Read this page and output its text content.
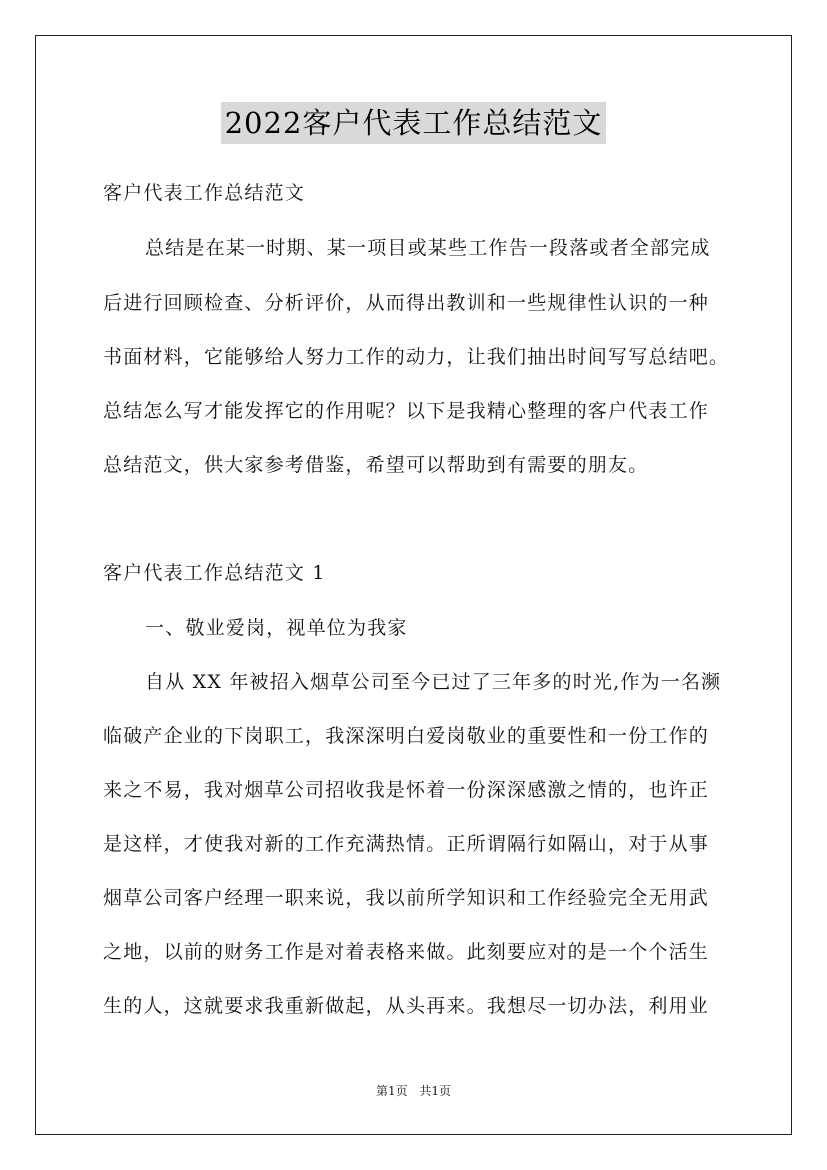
2022客户代表工作总结范文
客户代表工作总结范文
总结是在某一时期、某一项目或某些工作告一段落或者全部完成
后进行回顾检查、分析评价，从而得出教训和一些规律性认识的一种
书面材料，它能够给人努力工作的动力，让我们抽出时间写写总结吧。
总结怎么写才能发挥它的作用呢？以下是我精心整理的客户代表工作
总结范文，供大家参考借鉴，希望可以帮助到有需要的朋友。
客户代表工作总结范文 1
一、敬业爱岗，视单位为我家
自从 XX 年被招入烟草公司至今已过了三年多的时光,作为一名濒
临破产企业的下岗职工，我深深明白爱岗敬业的重要性和一份工作的
来之不易，我对烟草公司招收我是怀着一份深深感激之情的，也许正
是这样，才使我对新的工作充满热情。正所谓隔行如隔山，对于从事
烟草公司客户经理一职来说，我以前所学知识和工作经验完全无用武
之地，以前的财务工作是对着表格来做。此刻要应对的是一个个活生
生的人，这就要求我重新做起，从头再来。我想尽一切办法，利用业
第1页 共1页
